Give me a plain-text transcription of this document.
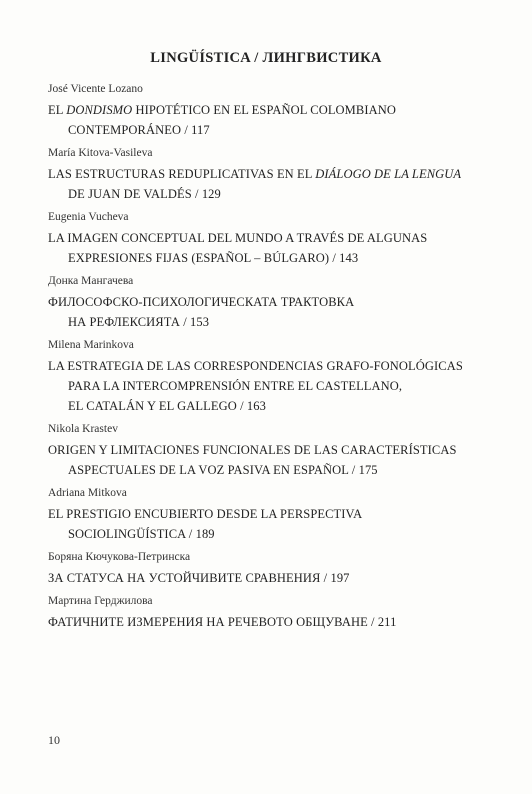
LINGÜÍSTICA / ЛИНГВИСТИКА
José Vicente Lozano
EL DONDISMO HIPOTÉTICO EN EL ESPAÑOL COLOMBIANO
CONTEMPORÁNEO / 117
María Kitova-Vasileva
LAS ESTRUCTURAS REDUPLICATIVAS EN EL DIÁLOGO DE LA LENGUA
DE JUAN DE VALDÉS / 129
Eugenia Vucheva
LA IMAGEN CONCEPTUAL DEL MUNDO A TRAVÉS DE ALGUNAS
EXPRESIONES FIJAS (ESPAÑOL – BÚLGARO) / 143
Донка Мангачева
ФИЛОСОФСКО-ПСИХОЛОГИЧЕСКАТА ТРАКТОВКА
НА РЕФЛЕКСИЯТА / 153
Milena Marinkova
LA ESTRATEGIA DE LAS CORRESPONDENCIAS GRAFO-FONOLÓGICAS
PARA LA INTERCOMPRENSIÓN ENTRE EL CASTELLANO,
EL CATALÁN Y EL GALLEGO / 163
Nikola Krastev
ORIGEN Y LIMITACIONES FUNCIONALES DE LAS CARACTERÍSTICAS
ASPECTUALES DE LA VOZ PASIVA EN ESPAÑOL / 175
Adriana Mitkova
EL PRESTIGIO ENCUBIERTO DESDE LA PERSPECTIVA
SOCIOLINGÜÍSTICA / 189
Боряна Кючукова-Петринска
ЗА СТАТУСА НА УСТОЙЧИВИТЕ СРАВНЕНИЯ / 197
Мартина Герджилова
ФАТИЧНИТЕ ИЗМЕРЕНИЯ НА РЕЧЕВОТО ОБЩУВАНЕ / 211
10
